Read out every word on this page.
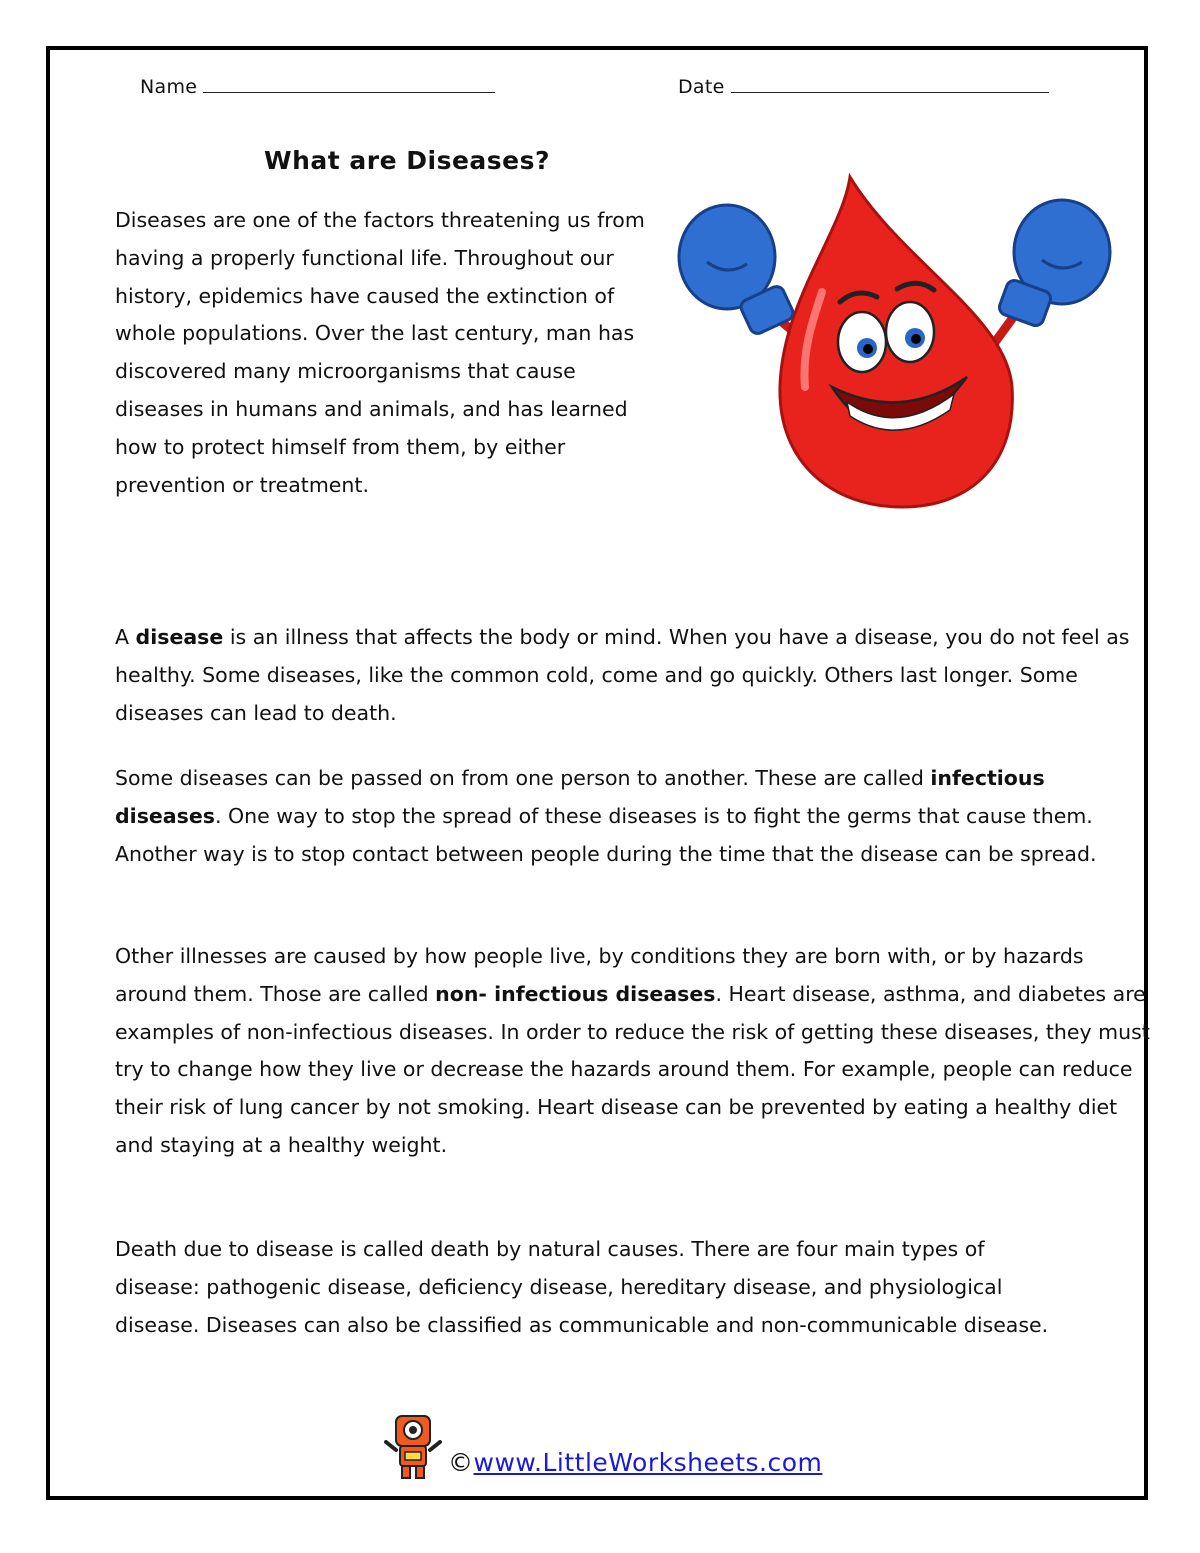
Name	Date
What are Diseases?

Diseases are one of the factors threatening us from having a properly functional life. Throughout our history, epidemics have caused the extinction of whole populations. Over the last century, man has discovered many microorganisms that cause diseases in humans and animals, and has learned how to protect himself from them, by either prevention or treatment.

A disease is an illness that affects the body or mind. When you have a disease, you do not feel as healthy. Some diseases, like the common cold, come and go quickly. Others last longer. Some diseases can lead to death.

Some diseases can be passed on from one person to another. These are called infectious diseases. One way to stop the spread of these diseases is to fight the germs that cause them. Another way is to stop contact between people during the time that the disease can be spread.

Other illnesses are caused by how people live, by conditions they are born with, or by hazards around them. Those are called non- infectious diseases. Heart disease, asthma, and diabetes are examples of non-infectious diseases. In order to reduce the risk of getting these diseases, they must try to change how they live or decrease the hazards around them. For example, people can reduce their risk of lung cancer by not smoking. Heart disease can be prevented by eating a healthy diet and staying at a healthy weight.

Death due to disease is called death by natural causes. There are four main types of disease: pathogenic disease, deficiency disease, hereditary disease, and physiological disease. Diseases can also be classified as communicable and non-communicable disease.

©www.LittleWorksheets.com
